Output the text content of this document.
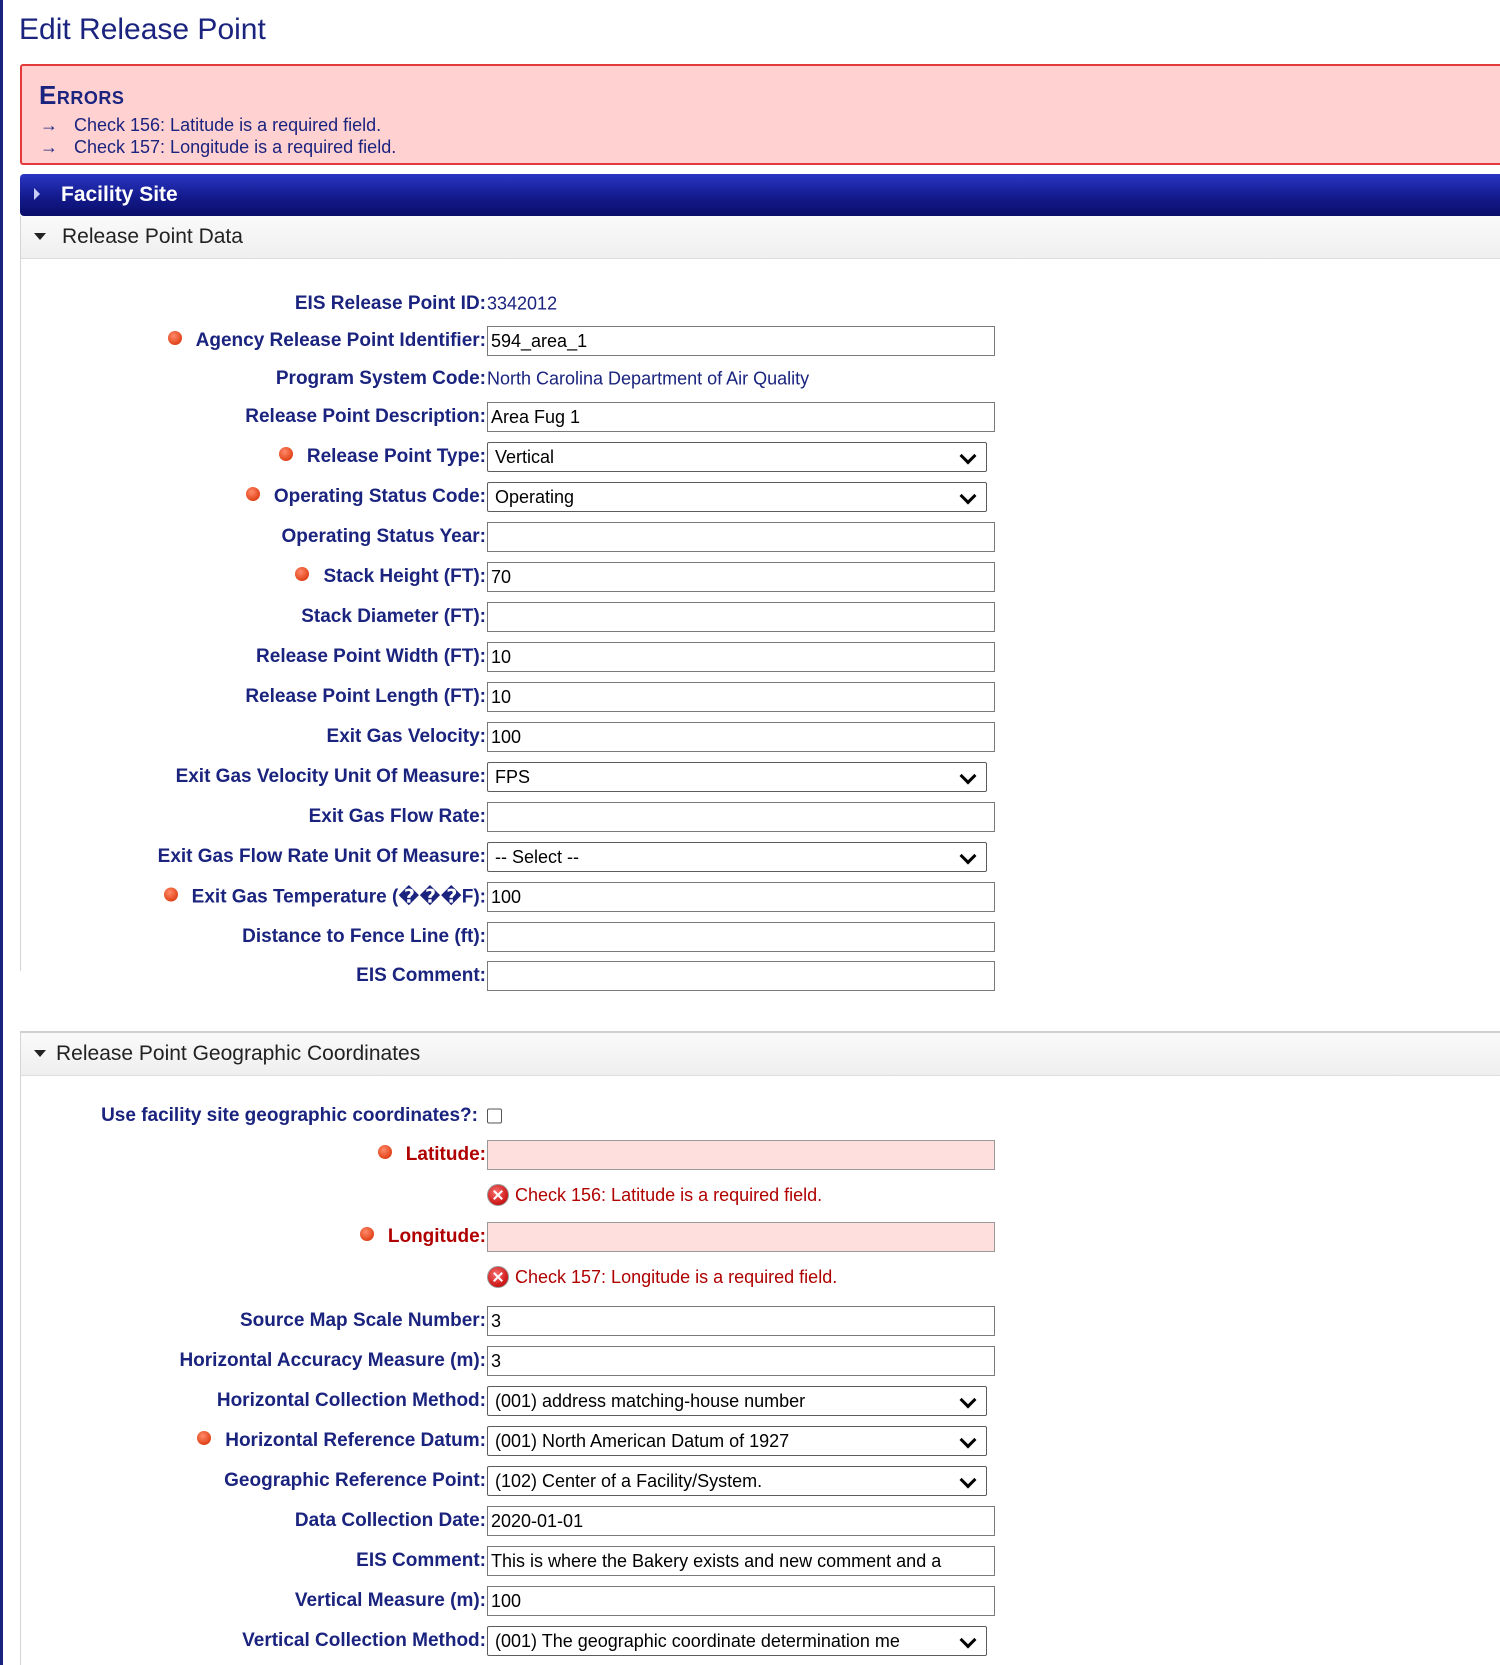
Edit Release Point
Errors
→ Check 156: Latitude is a required field.
→ Check 157: Longitude is a required field.
Facility Site
Release Point Data
EIS Release Point ID: 3342012
Agency Release Point Identifier: 594_area_1
Program System Code: North Carolina Department of Air Quality
Release Point Description: Area Fug 1
Release Point Type: Vertical
Operating Status Code: Operating
Operating Status Year:
Stack Height (FT): 70
Stack Diameter (FT):
Release Point Width (FT): 10
Release Point Length (FT): 10
Exit Gas Velocity: 100
Exit Gas Velocity Unit Of Measure: FPS
Exit Gas Flow Rate:
Exit Gas Flow Rate Unit Of Measure: -- Select --
Exit Gas Temperature (���F): 100
Distance to Fence Line (ft):
EIS Comment:
Release Point Geographic Coordinates
Use facility site geographic coordinates?:
Latitude:
Check 156: Latitude is a required field.
Longitude:
Check 157: Longitude is a required field.
Source Map Scale Number: 3
Horizontal Accuracy Measure (m): 3
Horizontal Collection Method: (001) address matching-house number
Horizontal Reference Datum: (001) North American Datum of 1927
Geographic Reference Point: (102) Center of a Facility/System.
Data Collection Date: 2020-01-01
EIS Comment: This is where the Bakery exists and new comment and a
Vertical Measure (m): 100
Vertical Collection Method: (001) The geographic coordinate determination me
